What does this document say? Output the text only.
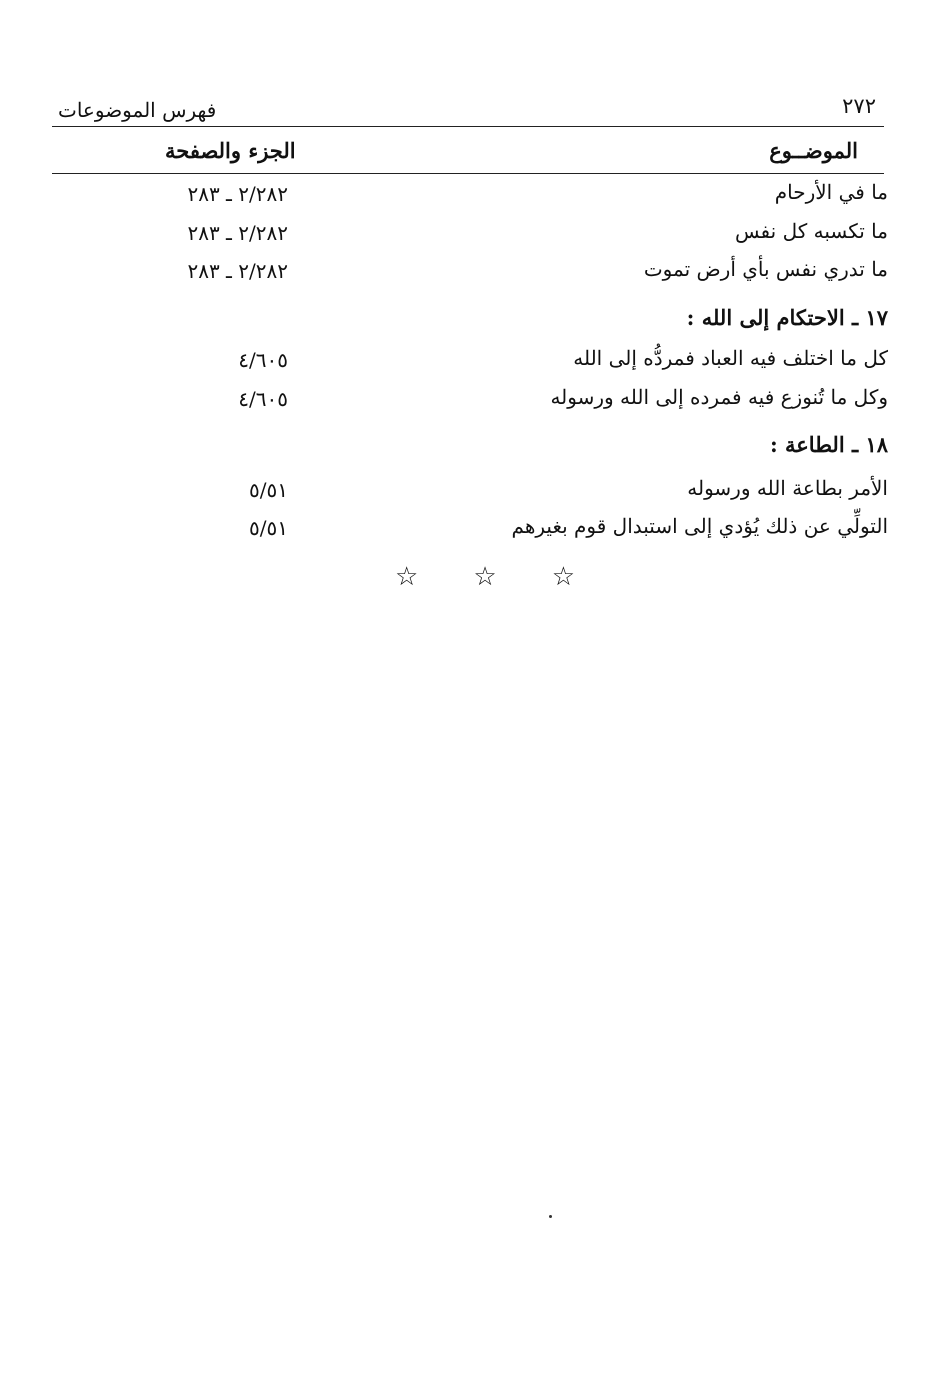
٢٧٢
فهرس الموضوعات
الموضــوع
الجزء والصفحة
ما في الأرحام
٢/٢٨٢ ـ ٢٨٣
ما تكسبه كل نفس
٢/٢٨٢ ـ ٢٨٣
ما تدري نفس بأي أرض تموت
٢/٢٨٢ ـ ٢٨٣
١٧ ـ الاحتكام إلى الله :
كل ما اختلف فيه العباد فمردُّه إلى الله
٤/٦٠٥
وكل ما تُنوزع فيه فمرده إلى الله ورسوله
٤/٦٠٥
١٨ ـ الطاعة :
الأمر بطاعة الله ورسوله
٥/٥١
التولِّي عن ذلك يُؤدي إلى استبدال قوم بغيرهم
٥/٥١
☆ ☆ ☆
